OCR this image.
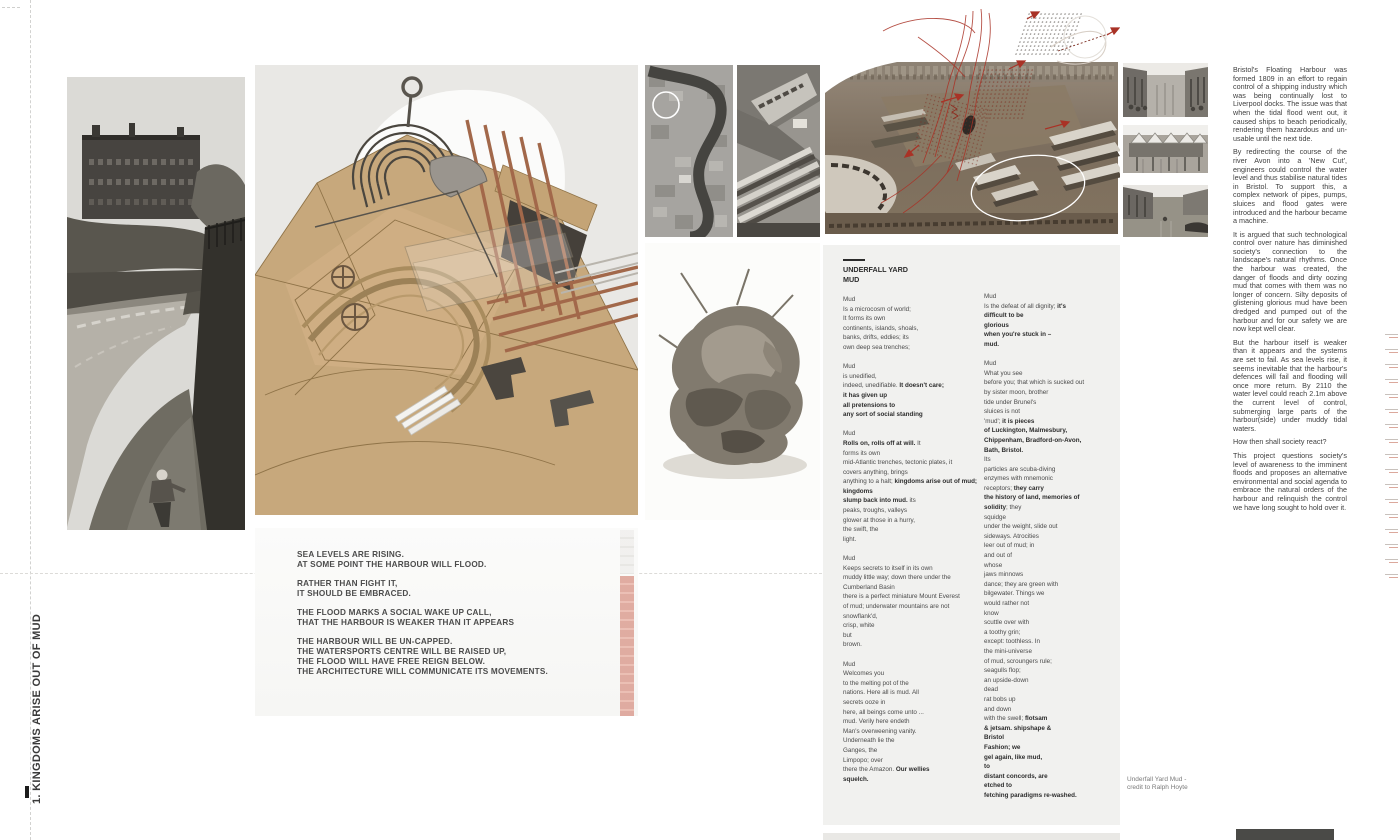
1. KINGDOMS ARISE OUT OF MUD
SEA LEVELS ARE RISING.
AT SOME POINT THE HARBOUR WILL FLOOD.
RATHER THAN FIGHT IT,
IT SHOULD BE EMBRACED.
THE FLOOD MARKS A SOCIAL WAKE UP CALL,
THAT THE HARBOUR IS WEAKER THAN IT APPEARS
THE HARBOUR WILL BE UN-CAPPED.
THE WATERSPORTS CENTRE WILL BE RAISED UP,
THE FLOOD WILL HAVE FREE REIGN BELOW.
THE ARCHITECTURE WILL COMMUNICATE ITS MOVEMENTS.
UNDERFALL YARD
MUD
Mud
Is a microcosm of world;
It forms its own
continents, islands, shoals,
banks, drifts, eddies; its
own deep sea trenches;
Mud
is unedified,
indeed, unedifiable. It doesn't care;
it has given up
all pretensions to
any sort of social standing
Mud
Rolls on, rolls off at will. It
forms its own
mid-Atlantic trenches, tectonic plates, it
covers anything, brings
anything to a halt; kingdoms arise out of mud;
kingdoms
slump back into mud. its
peaks, troughs, valleys
glower at those in a hurry,
the swift, the
light.
Mud
Keeps secrets to itself in its own
muddy little way; down there under the Cumberland Basin
there is a perfect miniature Mount Everest
of mud; underwater mountains are not
snowflank'd,
crisp, white
but
brown.
Mud
Welcomes you
to the melting pot of the
nations. Here all is mud. All
secrets ooze in
here, all beings come unto ...
mud. Verily here endeth
Man's overweening vanity.
Underneath lie the
Ganges, the
Limpopo; over
there the Amazon. Our wellies
squelch.
Mud
Is the defeat of all dignity; it's
difficult to be
glorious
when you're stuck in –
mud.
Mud
What you see
before you; that which is sucked out
by sister moon, brother
tide under Brunel's
sluices is not
'mud'; it is pieces
of Luckington, Malmesbury,
Chippenham, Bradford-on-Avon,
Bath, Bristol.
Its
particles are scuba-diving
enzymes with mnemonic
receptors; they carry
the history of land, memories of
solidity; they
squidge
under the weight, slide out
sideways. Atrocities
leer out of mud; in
and out of
whose
jaws minnows
dance; they are green with
bilgewater. Things we
would rather not
know
scuttle over with
a toothy grin;
except: toothless. In
the mini-universe
of mud, scroungers rule;
seagulls flop;
an upside-down
dead
rat bobs up
and down
with the swell; flotsam
& jetsam. shipshape &
Bristol
Fashion; we
gel again, like mud,
to
distant concords, are
etched to
fetching paradigms re-washed.
Underfall Yard Mud -
credit to Ralph Hoyte

Bristol's Floating Harbour was formed 1809 in an effort to regain control of a shipping industry which was being continually lost to Liverpool docks. The issue was that when the tidal flood went out, it caused ships to beach periodically, rendering them hazardous and un-usable until the next tide.

By redirecting the course of the river Avon into a 'New Cut', engineers could control the water level and thus stabilise natural tides in Bristol. To support this, a complex network of pipes, pumps, sluices and flood gates were introduced and the harbour became a machine.

It is argued that such technological control over nature has diminished society's connection to the landscape's natural rhythms. Once the harbour was created, the danger of floods and dirty oozing mud that comes with them was no longer of concern. Silty deposits of glistening glorious mud have been dredged and pumped out of the harbour and for our safety we are now kept well clear.

But the harbour itself is weaker than it appears and the systems are set to fail. As sea levels rise, it seems inevitable that the harbour's defences will fail and flooding will once more return. By 2110 the water level could reach 2.1m above the current level of control, submerging large parts of the harbour(side) under muddy tidal waters.

How then shall society react?

This project questions society's level of awareness to the imminent floods and proposes an alternative environmental and social agenda to embrace the natural orders of the harbour and relinquish the control we have long sought to hold over it.
